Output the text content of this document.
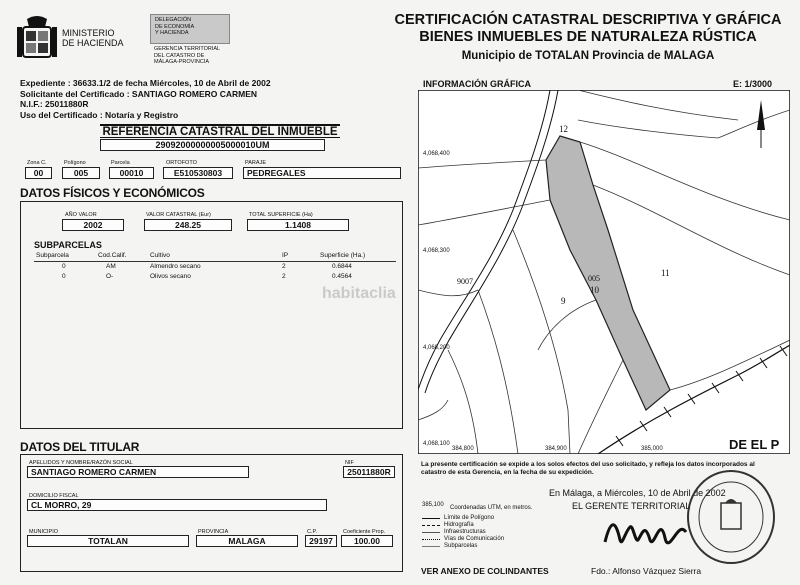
MINISTERIO
DE HACIENDA
DELEGACIÓN
DE ECONOMÍA
Y HACIENDA
GERENCIA TERRITORIAL
DEL CATASTRO DE
MÁLAGA-PROVINCIA
CERTIFICACIÓN CATASTRAL DESCRIPTIVA Y GRÁFICA
BIENES INMUEBLES DE NATURALEZA RÚSTICA
Municipio de TOTALAN Provincia de MALAGA
Expediente : 36633.1/2 de fecha Miércoles, 10 de Abril de 2002
Solicitante del Certificado : SANTIAGO ROMERO CARMEN
N.I.F.: 25011880R
Uso del Certificado : Notaría y Registro
REFERENCIA CATASTRAL DEL INMUEBLE
29092000000005000010UM
Zona C.
00
Polígono
005
Parcela
00010
ORTOFOTO
E510530803
PARAJE
PEDREGALES
DATOS FÍSICOS Y ECONÓMICOS
AÑO VALOR
2002
VALOR CATASTRAL (Eur)
248.25
TOTAL SUPERFICIE (Ha)
1.1408
SUBPARCELAS
Subparcela	Cod.Calif.	Cultivo	IP	Superficie (Ha.)
0	AM	Almendro secano	2	0.6844
0	O-	Olivos secano	2	0.4564
DATOS DEL TITULAR
APELLIDOS Y NOMBRE/RAZÓN SOCIAL
SANTIAGO ROMERO CARMEN
NIF
25011880R
DOMICILIO FISCAL
CL MORRO, 29
MUNICIPIO
TOTALAN
PROVINCIA
MALAGA
C.P.
29197
Coeficiente Prop.
100.00
INFORMACIÓN GRÁFICA	E: 1/3000
12
9007	005
10
9
11
4,068,400
4,068,300
4,068,200
4,068,100
384,800	384,900	385,000	DE EL P
La presente certificación se expide a los solos efectos del uso solicitado, y refleja los datos incorporados al catastro de esta Gerencia, en la fecha de su expedición.
385,100 Coordenadas UTM, en metros.
Límite de Polígono
Hidrografía
Infraestructuras
Vías de Comunicación
Subparcelas
En Málaga, a Miércoles, 10 de Abril de 2002
EL GERENTE TERRITORIAL
Fdo.: Alfonso Vázquez Sierra
VER ANEXO DE COLINDANTES
habitaclia
